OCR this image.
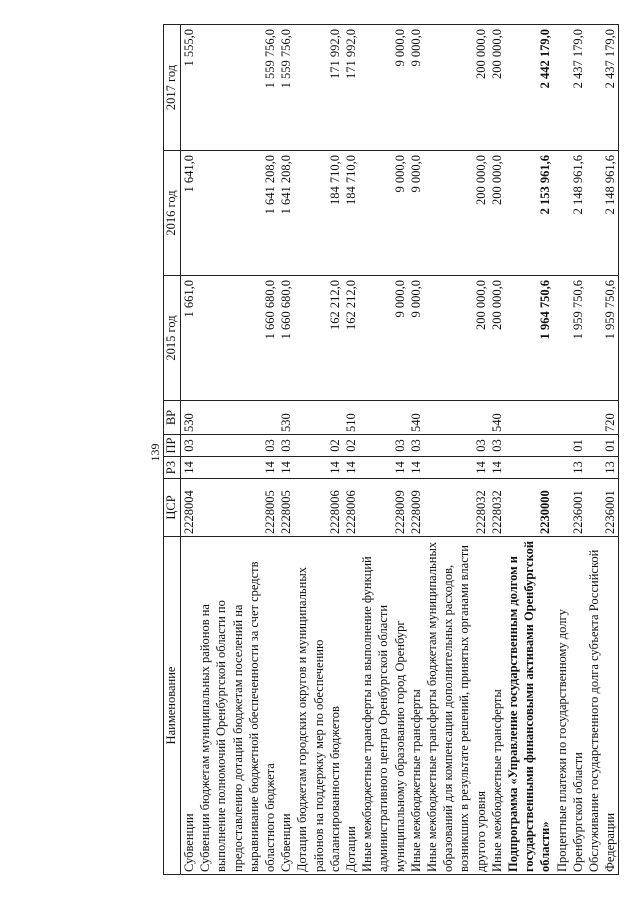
139
Наименование	ЦСР	РЗ	ПР	ВР	2015 год	2016 год	2017 год
Субвенции	2228004	14	03	530	1 661,0	1 641,0	1 555,0
Субвенции бюджетам муниципальных районов на выполнение полномочий Оренбургской области по предоставлению дотаций бюджетам поселений на выравнивание бюджетной обеспеченности за счет средств областного бюджета	2228005	14	03		1 660 680,0	1 641 208,0	1 559 756,0
Субвенции	2228005	14	03	530	1 660 680,0	1 641 208,0	1 559 756,0
Дотации бюджетам городских округов и муниципальных районов на поддержку мер по обеспечению сбалансированности бюджетов	2228006	14	02		162 212,0	184 710,0	171 992,0
Дотации	2228006	14	02	510	162 212,0	184 710,0	171 992,0
Иные межбюджетные трансферты на выполнение функций административного центра Оренбургской области муниципальному образованию город Оренбург	2228009	14	03		9 000,0	9 000,0	9 000,0
Иные межбюджетные трансферты	2228009	14	03	540	9 000,0	9 000,0	9 000,0
Иные межбюджетные трансферты бюджетам муниципальных образований для компенсации дополнительных расходов, возникших в результате решений, принятых органами власти другого уровня	2228032	14	03		200 000,0	200 000,0	200 000,0
Иные межбюджетные трансферты	2228032	14	03	540	200 000,0	200 000,0	200 000,0
Подпрограмма «Управление государственным долгом и государственными финансовыми активами Оренбургской области»	2230000				1 964 750,6	2 153 961,6	2 442 179,0
Процентные платежи по государственному долгу Оренбургской области	2236001	13	01		1 959 750,6	2 148 961,6	2 437 179,0
Обслуживание государственного долга субъекта Российской Федерации	2236001	13	01	720	1 959 750,6	2 148 961,6	2 437 179,0
